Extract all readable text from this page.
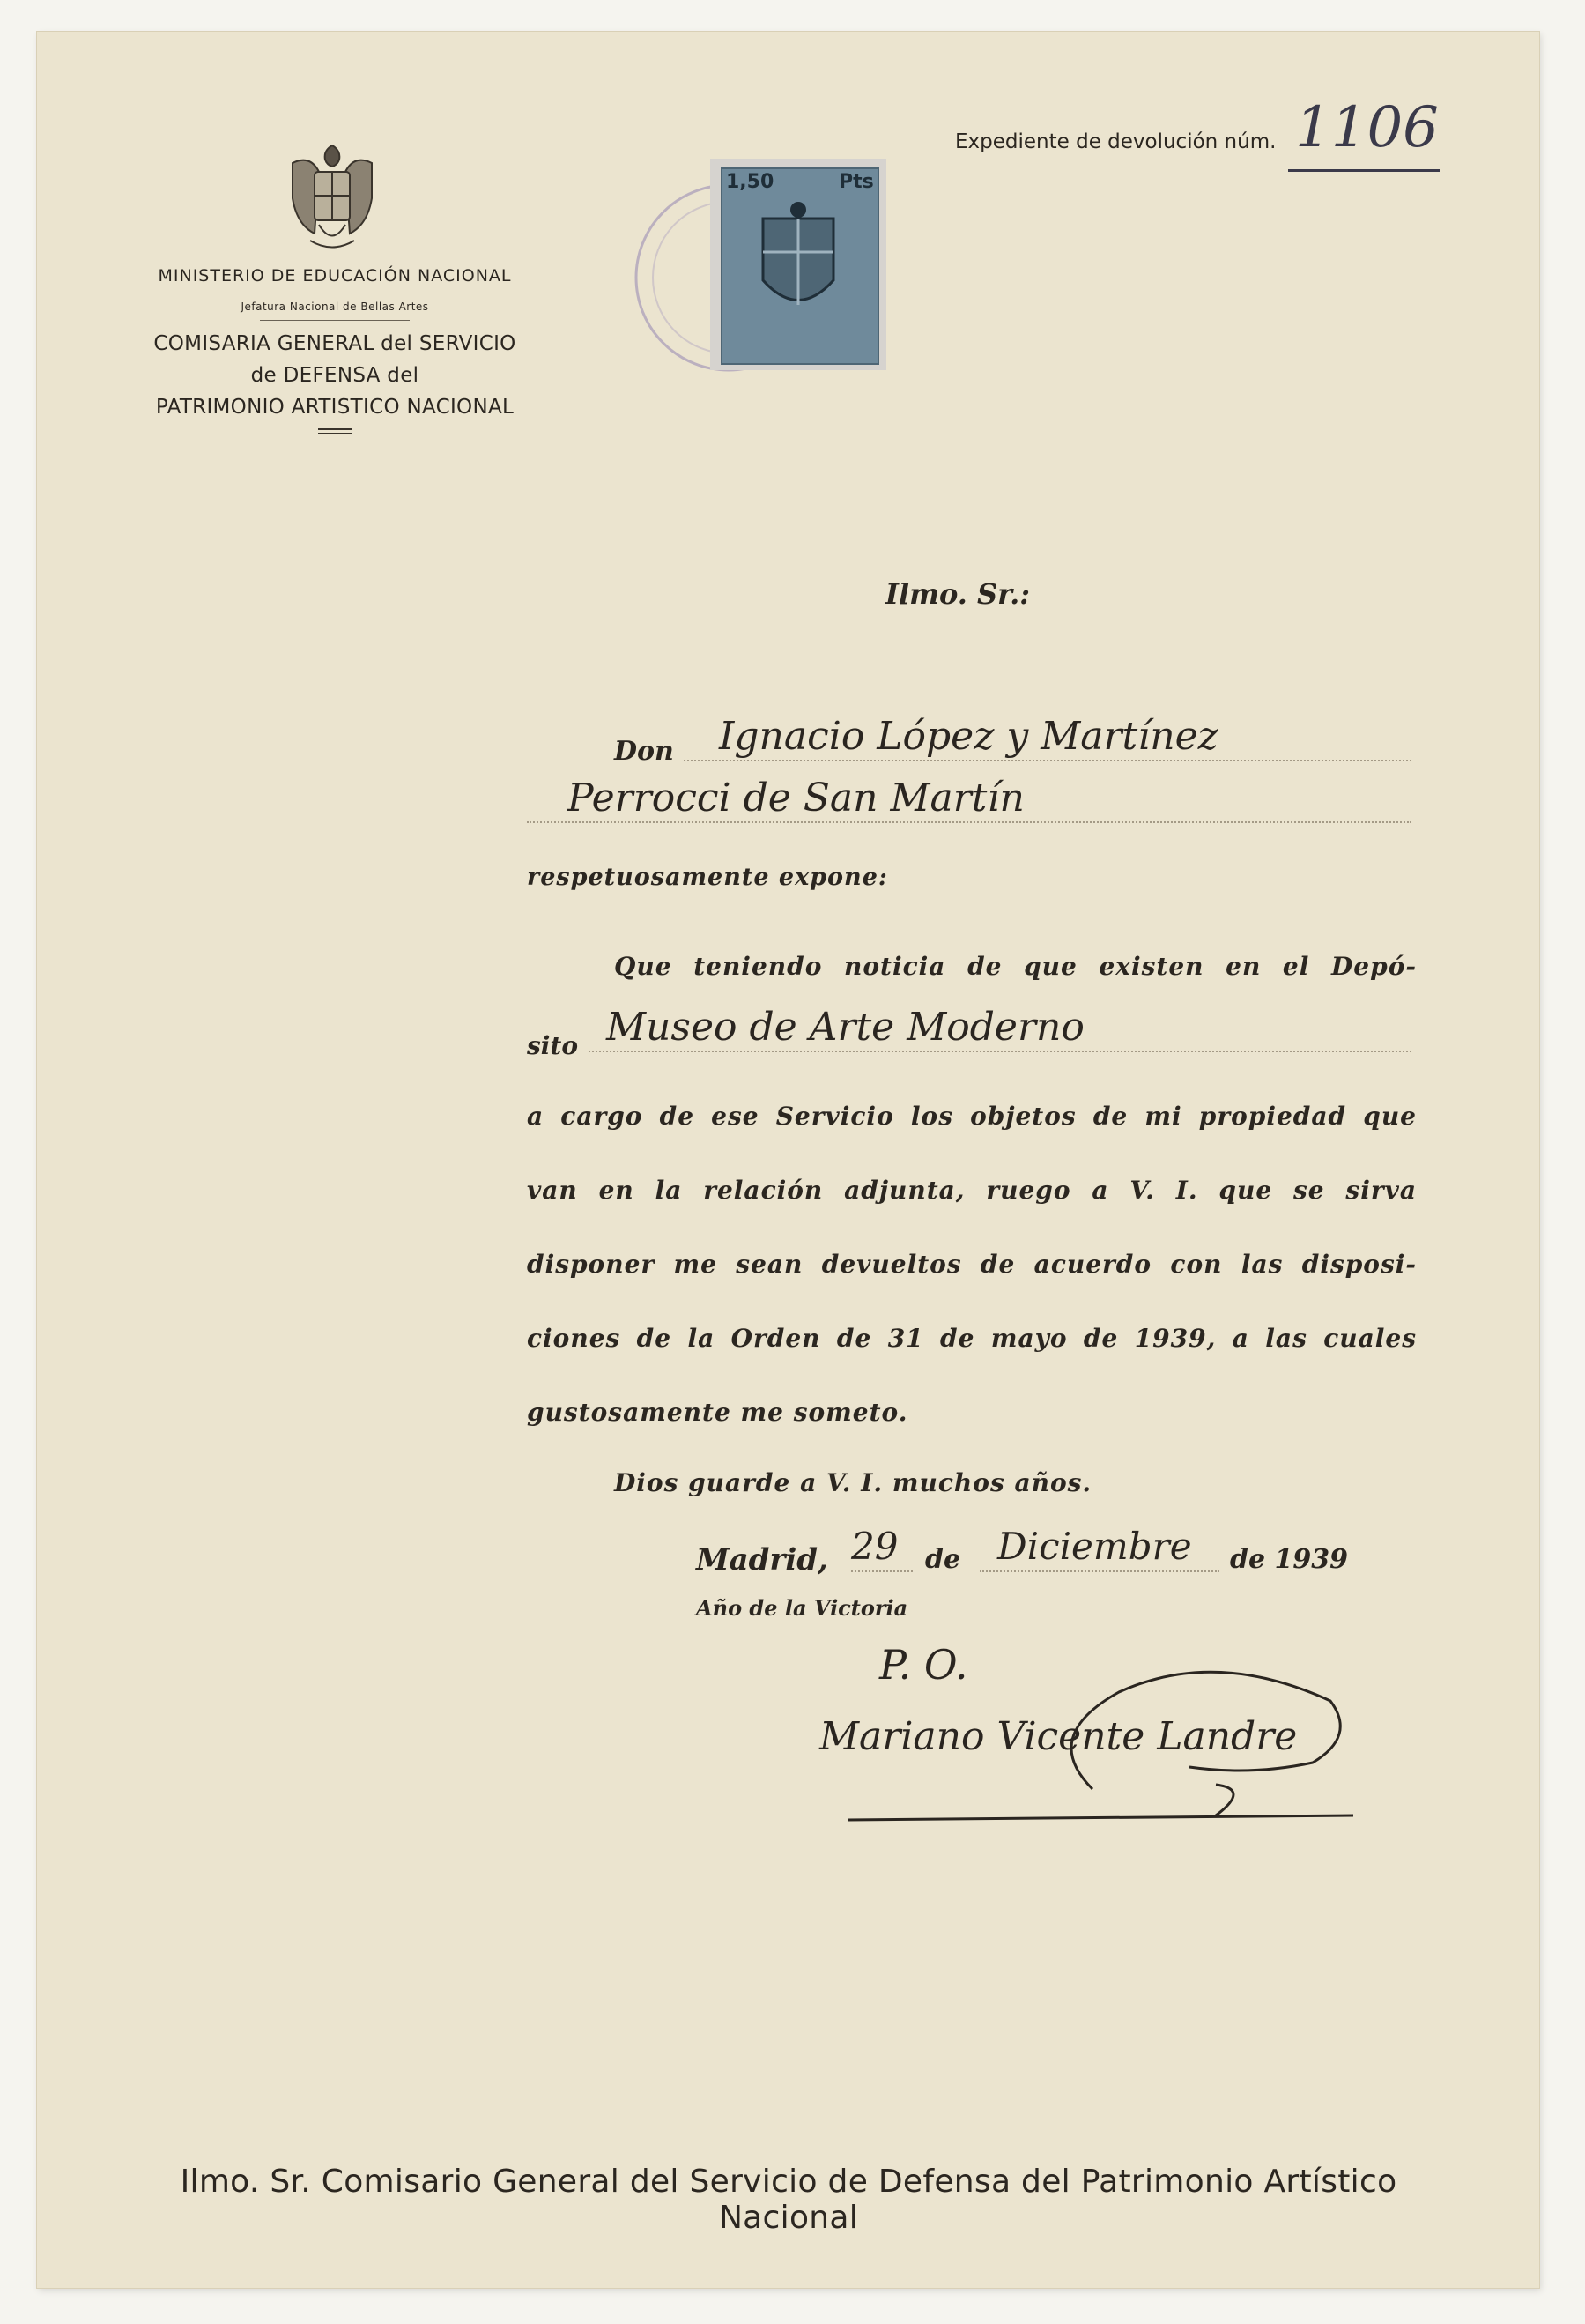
MINISTERIO DE EDUCACIÓN NACIONAL
Jefatura Nacional de Bellas Artes
COMISARIA GENERAL del SERVICIO
de DEFENSA del
PATRIMONIO ARTISTICO NACIONAL
1,50	Pts
Expediente de devolución núm. 1106
Ilmo. Sr.:
Don	Ignacio López y Martínez
Perrocci de San Martín
respetuosamente expone:
Que teniendo noticia de que existen en el Depó-
sito Museo de Arte Moderno
a cargo de ese Servicio los objetos de mi propiedad que
van en la relación adjunta, ruego a V. I. que se sirva
disponer me sean devueltos de acuerdo con las disposi-
ciones de la Orden de 31 de mayo de 1939, a las cuales
gustosamente me someto.
Dios guarde a V. I. muchos años.
Madrid, 29	de Diciembre	de 1939
Año de la Victoria
P. O.
Mariano Vicente Landre
Ilmo. Sr. Comisario General del Servicio de Defensa del Patrimonio Artístico Nacional
